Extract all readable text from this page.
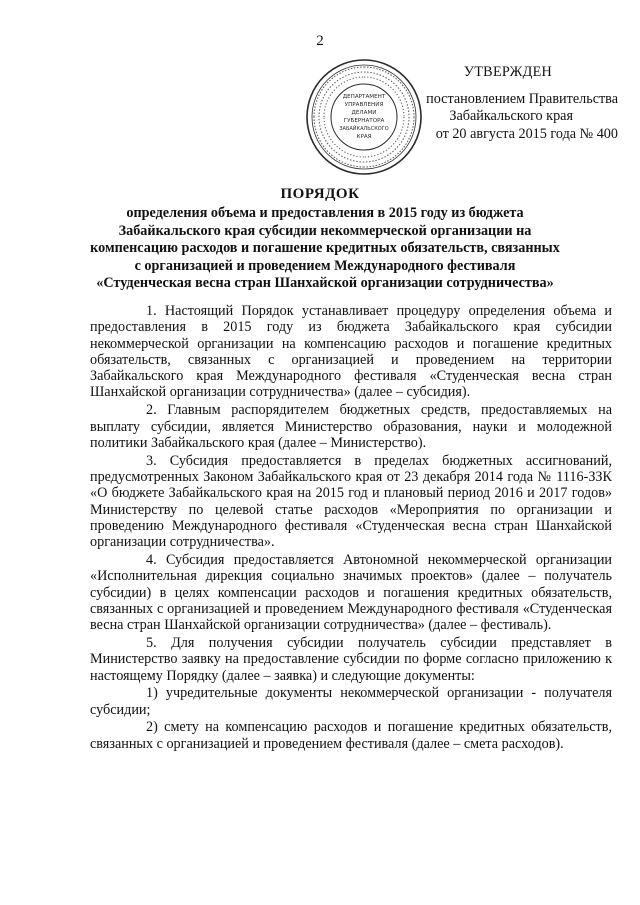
2
ДЕПАРТАМЕНТ
УПРАВЛЕНИЯ
ДЕЛАМИ
ГУБЕРНАТОРА
ЗАБАЙКАЛЬСКОГО
КРАЯ
УТВЕРЖДЕН
постановлением Правительства
Забайкальского края
от 20 августа 2015 года № 400
ПОРЯДОК
определения объема и предоставления в 2015 году из бюджета
Забайкальского края субсидии некоммерческой организации на
компенсацию расходов и погашение кредитных обязательств, связанных
с организацией и проведением Международного фестиваля
«Студенческая весна стран Шанхайской организации сотрудничества»

1. Настоящий Порядок устанавливает процедуру определения объема и предоставления в 2015 году из бюджета Забайкальского края субсидии некоммерческой организации на компенсацию расходов и погашение кредитных обязательств, связанных с организацией и проведением на территории Забайкальского края Международного фестиваля «Студенческая весна стран Шанхайской организации сотрудничества» (далее – субсидия).

2. Главным распорядителем бюджетных средств, предоставляемых на выплату субсидии, является Министерство образования, науки и молодежной политики Забайкальского края (далее – Министерство).

3. Субсидия предоставляется в пределах бюджетных ассигнований, предусмотренных Законом Забайкальского края от 23 декабря 2014 года № 1116-ЗЗК «О бюджете Забайкальского края на 2015 год и плановый период 2016 и 2017 годов» Министерству по целевой статье расходов «Мероприятия по организации и проведению Международного фестиваля «Студенческая весна стран Шанхайской организации сотрудничества».

4. Субсидия предоставляется Автономной некоммерческой организации «Исполнительная дирекция социально значимых проектов» (далее – получатель субсидии) в целях компенсации расходов и погашения кредитных обязательств, связанных с организацией и проведением Международного фестиваля «Студенческая весна стран Шанхайской организации сотрудничества» (далее – фестиваль).

5. Для получения субсидии получатель субсидии представляет в Министерство заявку на предоставление субсидии по форме согласно приложению к настоящему Порядку (далее – заявка) и следующие документы:

1) учредительные документы некоммерческой организации - получателя субсидии;

2) смету на компенсацию расходов и погашение кредитных обязательств, связанных с организацией и проведением фестиваля (далее – смета расходов).
